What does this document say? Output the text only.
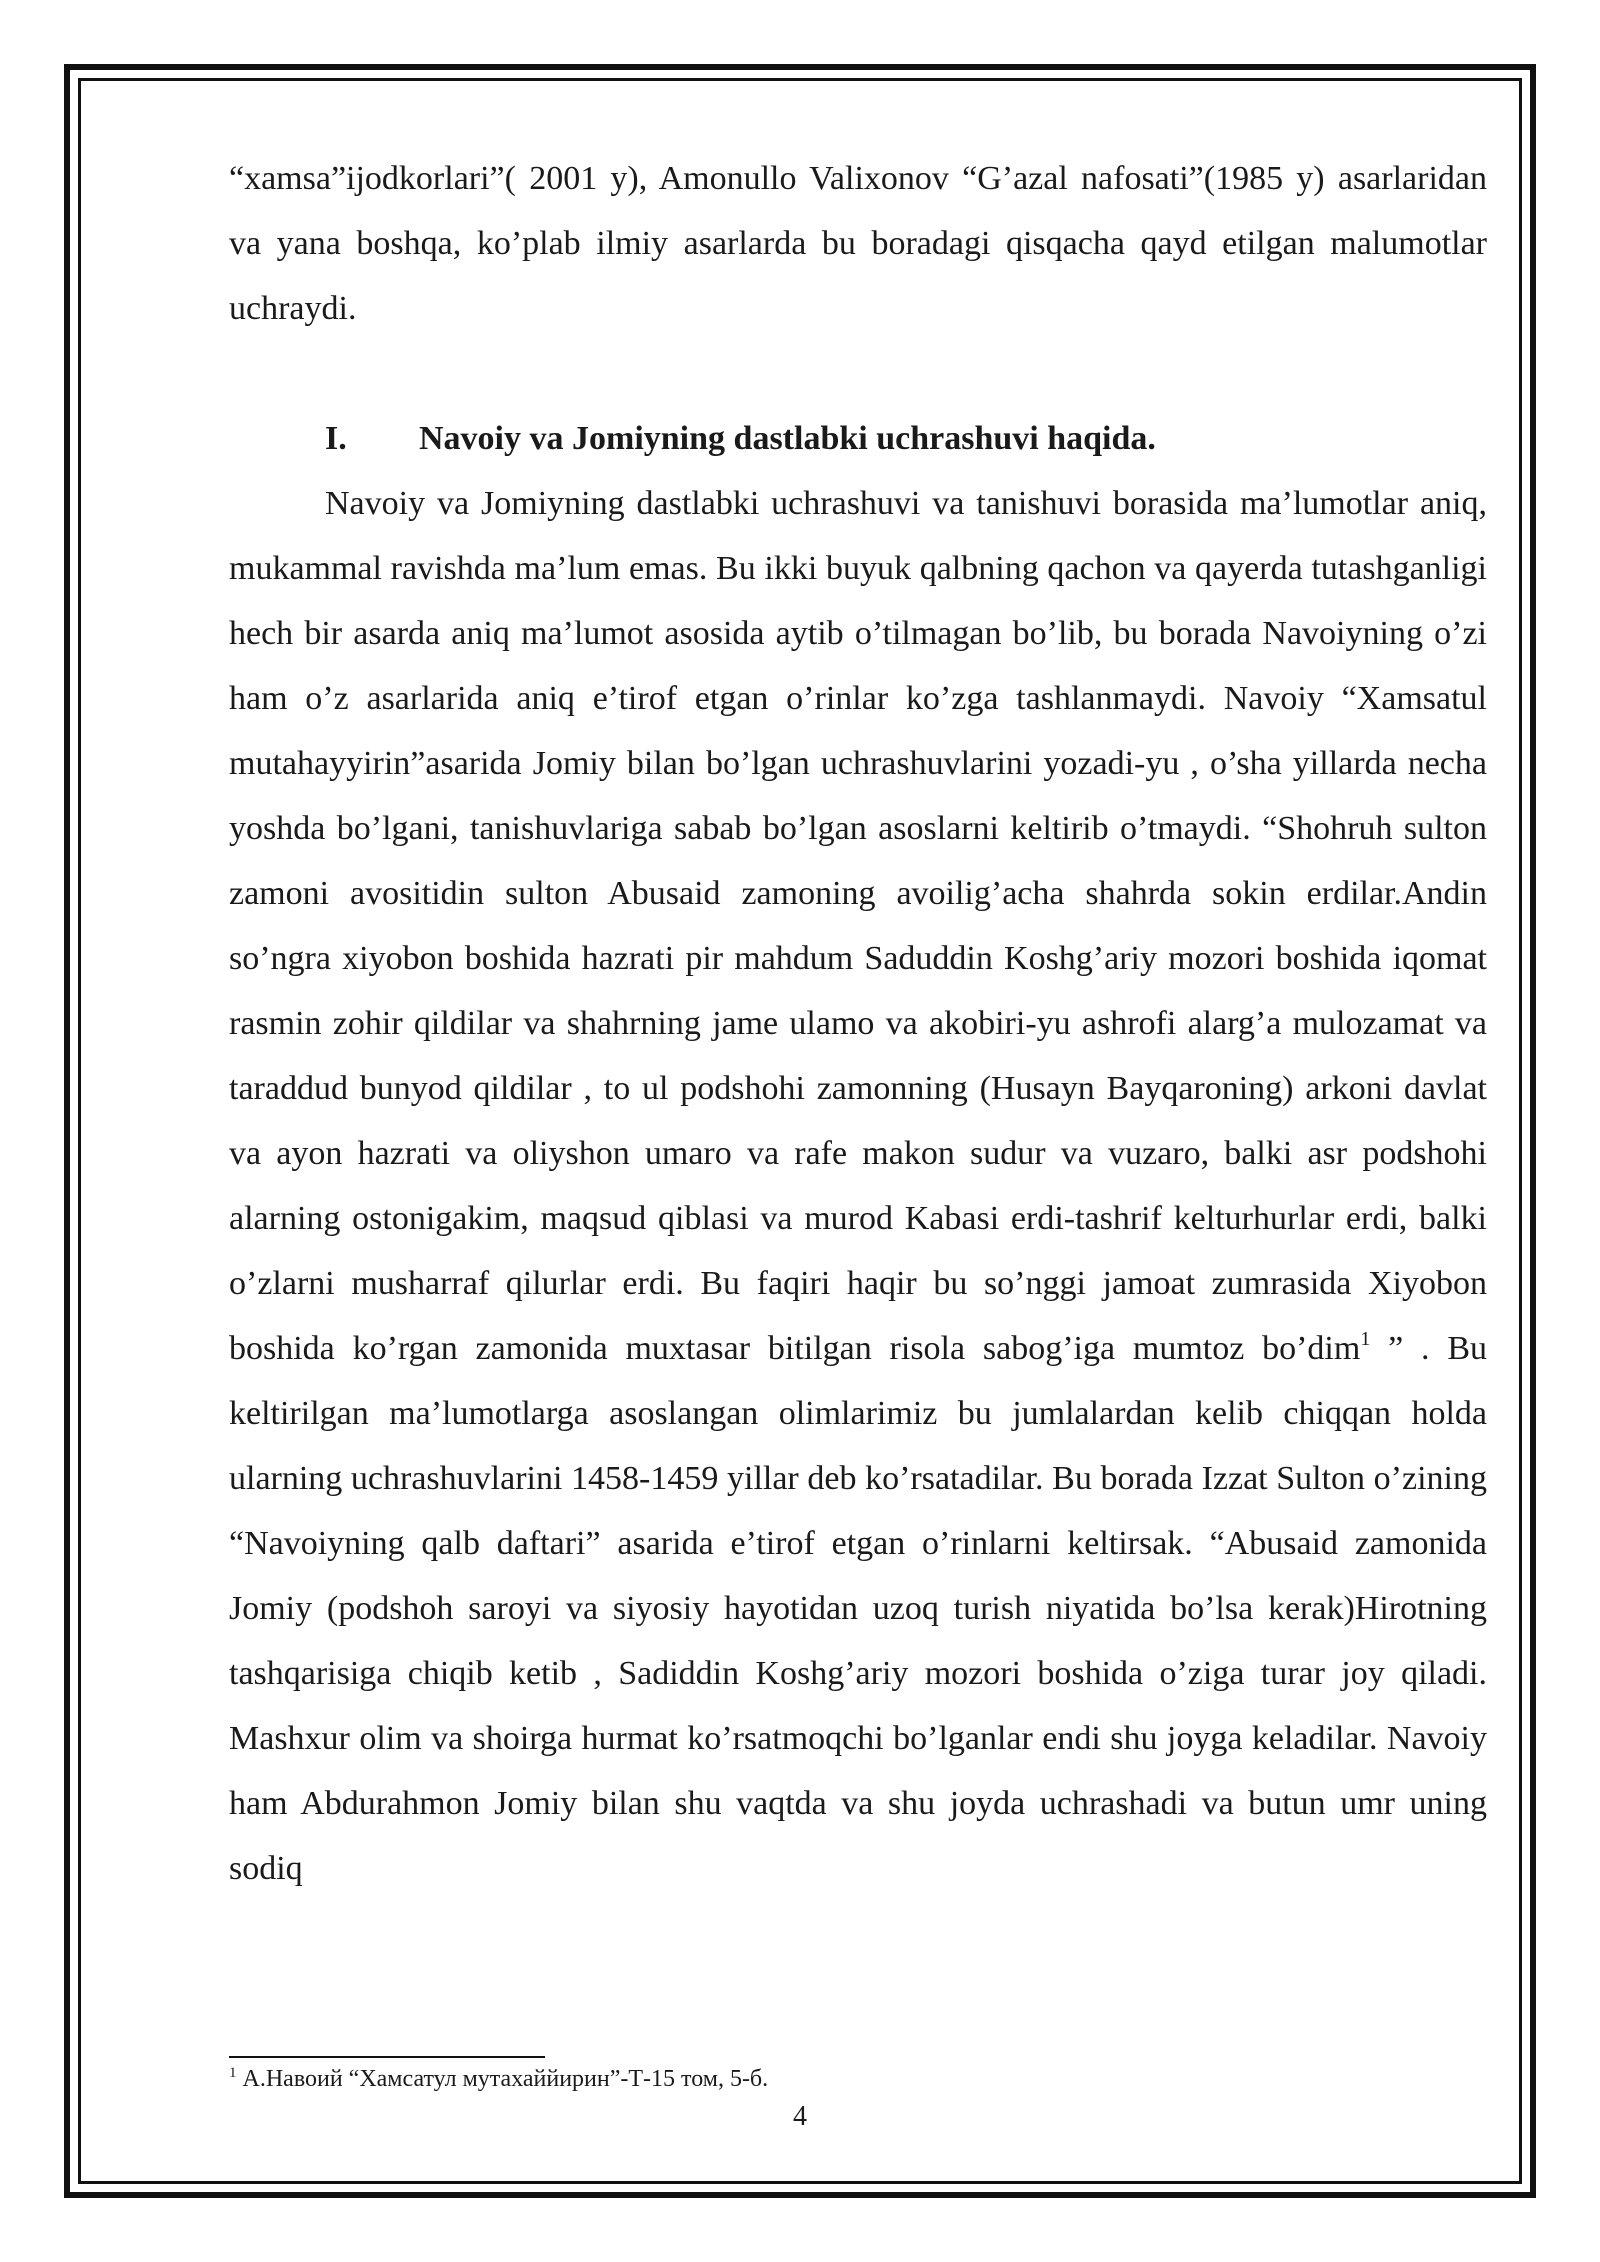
“xamsa”ijodkorlari”( 2001 y), Amonullo Valixonov “G’azal nafosati”(1985 y) asarlaridan va yana boshqa, ko’plab ilmiy asarlarda bu boradagi qisqacha qayd etilgan malumotlar uchraydi.

I. Navoiy va Jomiyning dastlabki uchrashuvi haqida.

Navoiy va Jomiyning dastlabki uchrashuvi va tanishuvi borasida ma’lumotlar aniq, mukammal ravishda ma’lum emas. Bu ikki buyuk qalbning qachon va qayerda tutashganligi hech bir asarda aniq ma’lumot asosida aytib o’tilmagan bo’lib, bu borada Navoiyning o’zi ham o’z asarlarida aniq e’tirof etgan o’rinlar ko’zga tashlanmaydi. Navoiy “Xamsatul mutahayyirin”asarida Jomiy bilan bo’lgan uchrashuvlarini yozadi-yu , o’sha yillarda necha yoshda bo’lgani, tanishuvlariga sabab bo’lgan asoslarni keltirib o’tmaydi. “Shohruh sulton zamoni avositidin sulton Abusaid zamoning avoilig’acha shahrda sokin erdilar.Andin so’ngra xiyobon boshida hazrati pir mahdum Saduddin Koshg’ariy mozori boshida iqomat rasmin zohir qildilar va shahrning jame ulamo va akobiri-yu ashrofi alarg’a mulozamat va taraddud bunyod qildilar , to ul podshohi zamonning (Husayn Bayqaroning) arkoni davlat va ayon hazrati va oliyshon umaro va rafe makon sudur va vuzaro, balki asr podshohi alarning ostonigakim, maqsud qiblasi va murod Kabasi erdi-tashrif kelturhurlar erdi, balki o’zlarni musharraf qilurlar erdi. Bu faqiri haqir bu so’nggi jamoat zumrasida Xiyobon boshida ko’rgan zamonida muxtasar bitilgan risola sabog’iga mumtoz bo’dim$^1$ ” . Bu keltirilgan ma’lumotlarga asoslangan olimlarimiz bu jumlalardan kelib chiqqan holda ularning uchrashuvlarini 1458-1459 yillar deb ko’rsatadilar. Bu borada Izzat Sulton o’zining “Navoiyning qalb daftari” asarida e’tirof etgan o’rinlarni keltirsak. “Abusaid zamonida Jomiy (podshoh saroyi va siyosiy hayotidan uzoq turish niyatida bo’lsa kerak)Hirotning tashqarisiga chiqib ketib , Sadiddin Koshg’ariy mozori boshida o’ziga turar joy qiladi. Mashxur olim va shoirga hurmat ko’rsatmoqchi bo’lganlar endi shu joyga keladilar. Navoiy ham Abdurahmon Jomiy bilan shu vaqtda va shu joyda uchrashadi va butun umr uning sodiq

$^1$ А.Навоий “Хамсатул мутахаййирин”-Т-15 том, 5-б.
4
